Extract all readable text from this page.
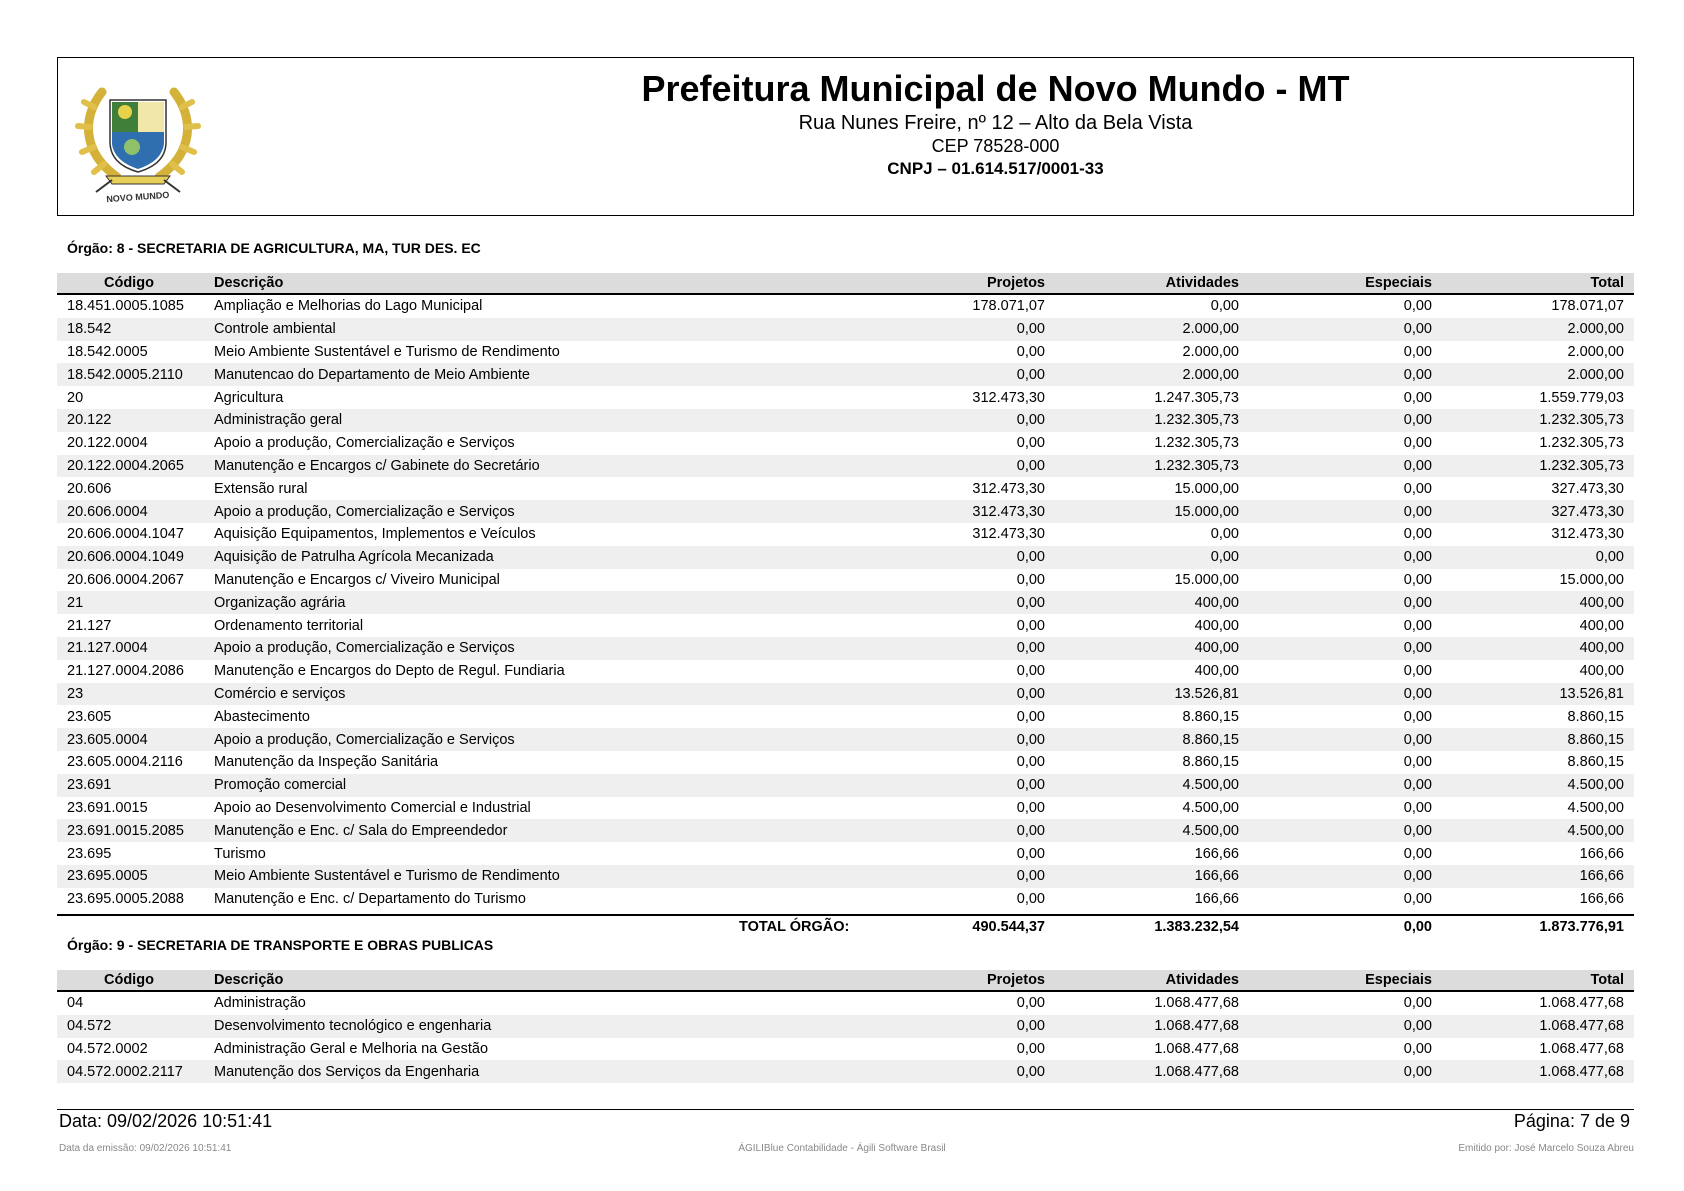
NOVO MUNDO
Prefeitura Municipal de Novo Mundo - MT
Rua Nunes Freire, nº 12 – Alto da Bela Vista
CEP 78528-000
CNPJ – 01.614.517/0001-33
Órgão: 8 - SECRETARIA DE AGRICULTURA, MA, TUR DES. EC
Código	Descrição	Projetos	Atividades	Especiais	Total
18.451.0005.1085 Ampliação e Melhorias do Lago Municipal	178.071,07	0,00	0,00	178.071,07
18.542	Controle ambiental	0,00	2.000,00	0,00	2.000,00
18.542.0005	Meio Ambiente Sustentável e Turismo de Rendimento	0,00	2.000,00	0,00	2.000,00
18.542.0005.2110 Manutencao do Departamento de Meio Ambiente	0,00	2.000,00	0,00	2.000,00
20	Agricultura	312.473,30	1.247.305,73	0,00	1.559.779,03
20.122	Administração geral	0,00	1.232.305,73	0,00	1.232.305,73
20.122.0004	Apoio a produção, Comercialização e Serviços	0,00	1.232.305,73	0,00	1.232.305,73
20.122.0004.2065 Manutenção e Encargos c/ Gabinete do Secretário	0,00	1.232.305,73	0,00	1.232.305,73
20.606	Extensão rural	312.473,30	15.000,00	0,00	327.473,30
20.606.0004	Apoio a produção, Comercialização e Serviços	312.473,30	15.000,00	0,00	327.473,30
20.606.0004.1047 Aquisição Equipamentos, Implementos e Veículos	312.473,30	0,00	0,00	312.473,30
20.606.0004.1049 Aquisição de Patrulha Agrícola Mecanizada	0,00	0,00	0,00	0,00
20.606.0004.2067 Manutenção e Encargos c/ Viveiro Municipal	0,00	15.000,00	0,00	15.000,00
21	Organização agrária	0,00	400,00	0,00	400,00
21.127	Ordenamento territorial	0,00	400,00	0,00	400,00
21.127.0004	Apoio a produção, Comercialização e Serviços	0,00	400,00	0,00	400,00
21.127.0004.2086 Manutenção e Encargos do Depto de Regul. Fundiaria	0,00	400,00	0,00	400,00
23	Comércio e serviços	0,00	13.526,81	0,00	13.526,81
23.605	Abastecimento	0,00	8.860,15	0,00	8.860,15
23.605.0004	Apoio a produção, Comercialização e Serviços	0,00	8.860,15	0,00	8.860,15
23.605.0004.2116 Manutenção da Inspeção Sanitária	0,00	8.860,15	0,00	8.860,15
23.691	Promoção comercial	0,00	4.500,00	0,00	4.500,00
23.691.0015	Apoio ao Desenvolvimento Comercial e Industrial	0,00	4.500,00	0,00	4.500,00
23.691.0015.2085 Manutenção e Enc. c/ Sala do Empreendedor	0,00	4.500,00	0,00	4.500,00
23.695	Turismo	0,00	166,66	0,00	166,66
23.695.0005	Meio Ambiente Sustentável e Turismo de Rendimento	0,00	166,66	0,00	166,66
23.695.0005.2088 Manutenção e Enc. c/ Departamento do Turismo	0,00	166,66	0,00	166,66
TOTAL ÓRGÃO:	490.544,37	1.383.232,54	0,00	1.873.776,91
Órgão: 9 - SECRETARIA DE TRANSPORTE E OBRAS PUBLICAS
Código	Descrição	Projetos	Atividades	Especiais	Total
04	Administração	0,00	1.068.477,68	0,00	1.068.477,68
04.572	Desenvolvimento tecnológico e engenharia	0,00	1.068.477,68	0,00	1.068.477,68
04.572.0002	Administração Geral e Melhoria na Gestão	0,00	1.068.477,68	0,00	1.068.477,68
04.572.0002.2117 Manutenção dos Serviços da Engenharia	0,00	1.068.477,68	0,00	1.068.477,68
Data: 09/02/2026 10:51:41	Página: 7 de 9
Data da emissão: 09/02/2026 10:51:41	ÁGILIBlue Contabilidade - Ágili Software Brasil	Emitido por: José Marcelo Souza Abreu
